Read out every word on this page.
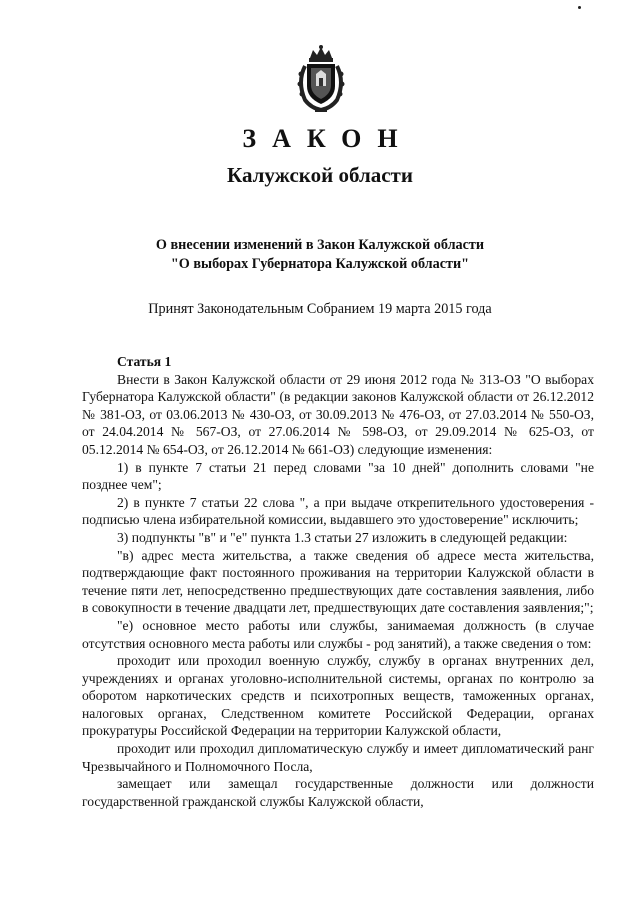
ЗАКОН
Калужской области
О внесении изменений в Закон Калужской области
"О выборах Губернатора Калужской области"
Принят Законодательным Собранием 19 марта 2015 года

Статья 1

Внести в Закон Калужской области от 29 июня 2012 года № 313-ОЗ "О выборах Губернатора Калужской области" (в редакции законов Калужской области от 26.12.2012 № 381-ОЗ, от 03.06.2013 № 430-ОЗ, от 30.09.2013 № 476-ОЗ, от 27.03.2014 № 550-ОЗ, от 24.04.2014 № 567-ОЗ, от 27.06.2014 № 598-ОЗ, от 29.09.2014 № 625-ОЗ, от 05.12.2014 № 654-ОЗ, от 26.12.2014 № 661-ОЗ) следующие изменения:

1) в пункте 7 статьи 21 перед словами "за 10 дней" дополнить словами "не позднее чем";

2) в пункте 7 статьи 22 слова ", а при выдаче открепительного удостоверения - подписью члена избирательной комиссии, выдавшего это удостоверение" исключить;

3) подпункты "в" и "е" пункта 1.3 статьи 27 изложить в следующей редакции:

"в) адрес места жительства, а также сведения об адресе места жительства, подтверждающие факт постоянного проживания на территории Калужской области в течение пяти лет, непосредственно предшествующих дате составления заявления, либо в совокупности в течение двадцати лет, предшествующих дате составления заявления;";

"е) основное место работы или службы, занимаемая должность (в случае отсутствия основного места работы или службы - род занятий), а также сведения о том:

проходит или проходил военную службу, службу в органах внутренних дел, учреждениях и органах уголовно-исполнительной системы, органах по контролю за оборотом наркотических средств и психотропных веществ, таможенных органах, налоговых органах, Следственном комитете Российской Федерации, органах прокуратуры Российской Федерации на территории Калужской области,

проходит или проходил дипломатическую службу и имеет дипломатический ранг Чрезвычайного и Полномочного Посла,

замещает или замещал государственные должности или должности государственной гражданской службы Калужской области,
